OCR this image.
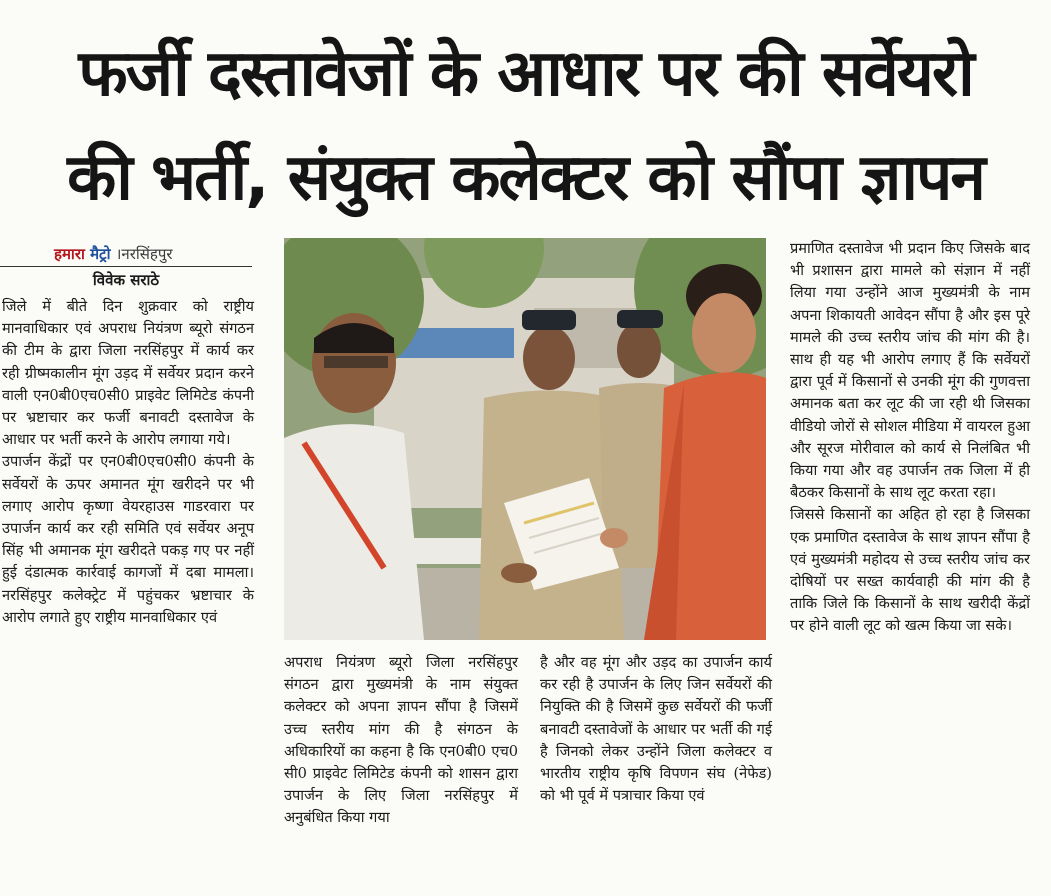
फर्जी दस्तावेजों के आधार पर की सर्वेयरो
की भर्ती, संयुक्त कलेक्टर को सौंपा ज्ञापन
हमारा मैट्रो ।नरसिंहपुर
विवेक सराठे

जिले में बीते दिन शुक्रवार को राष्ट्रीय मानवाधिकार एवं अपराध नियंत्रण ब्यूरो संगठन की टीम के द्वारा जिला नरसिंहपुर में कार्य कर रही ग्रीष्मकालीन मूंग उड़द में सर्वेयर प्रदान करने वाली एन0बी0एच0सी0 प्राइवेट लिमिटेड कंपनी पर भ्रष्टाचार कर फर्जी बनावटी दस्तावेज के आधार पर भर्ती करने के आरोप लगाया गये।

उपार्जन केंद्रों पर एन0बी0एच0सी0 कंपनी के सर्वेयरों के ऊपर अमानत मूंग खरीदने पर भी लगाए आरोप कृष्णा वेयरहाउस गाडरवारा पर उपार्जन कार्य कर रही समिति एवं सर्वेयर अनूप सिंह भी अमानक मूंग खरीदते पकड़ गए पर नहीं हुई दंडात्मक कार्रवाई कागजों में दबा मामला। नरसिंहपुर कलेक्ट्रेट में पहुंचकर भ्रष्टाचार के आरोप लगाते हुए राष्ट्रीय मानवाधिकार एवं

अपराध नियंत्रण ब्यूरो जिला नरसिंहपुर संगठन द्वारा मुख्यमंत्री के नाम संयुक्त कलेक्टर को अपना ज्ञापन सौंपा है जिसमें उच्च स्तरीय मांग की है संगठन के अधिकारियों का कहना है कि एन0बी0 एच0 सी0 प्राइवेट लिमिटेड कंपनी को शासन द्वारा उपार्जन के लिए जिला नरसिंहपुर में अनुबंधित किया गया

है और वह मूंग और उड़द का उपार्जन कार्य कर रही है उपार्जन के लिए जिन सर्वेयरों की नियुक्ति की है जिसमें कुछ सर्वेयरों की फर्जी बनावटी दस्तावेजों के आधार पर भर्ती की गई है जिनको लेकर उन्होंने जिला कलेक्टर व भारतीय राष्ट्रीय कृषि विपणन संघ (नेफेड) को भी पूर्व में पत्राचार किया एवं

प्रमाणित दस्तावेज भी प्रदान किए जिसके बाद भी प्रशासन द्वारा मामले को संज्ञान में नहीं लिया गया उन्होंने आज मुख्यमंत्री के नाम अपना शिकायती आवेदन सौंपा है और इस पूरे मामले की उच्च स्तरीय जांच की मांग की है। साथ ही यह भी आरोप लगाए हैं कि सर्वेयरों द्वारा पूर्व में किसानों से उनकी मूंग की गुणवत्ता अमानक बता कर लूट की जा रही थी जिसका वीडियो जोरों से सोशल मीडिया में वायरल हुआ और सूरज मोरीवाल को कार्य से निलंबित भी किया गया और वह उपार्जन तक जिला में ही बैठकर किसानों के साथ लूट करता रहा।

जिससे किसानों का अहित हो रहा है जिसका एक प्रमाणित दस्तावेज के साथ ज्ञापन सौंपा है एवं मुख्यमंत्री महोदय से उच्च स्तरीय जांच कर दोषियों पर सख्त कार्यवाही की मांग की है ताकि जिले कि किसानों के साथ खरीदी केंद्रों पर होने वाली लूट को खत्म किया जा सके।
